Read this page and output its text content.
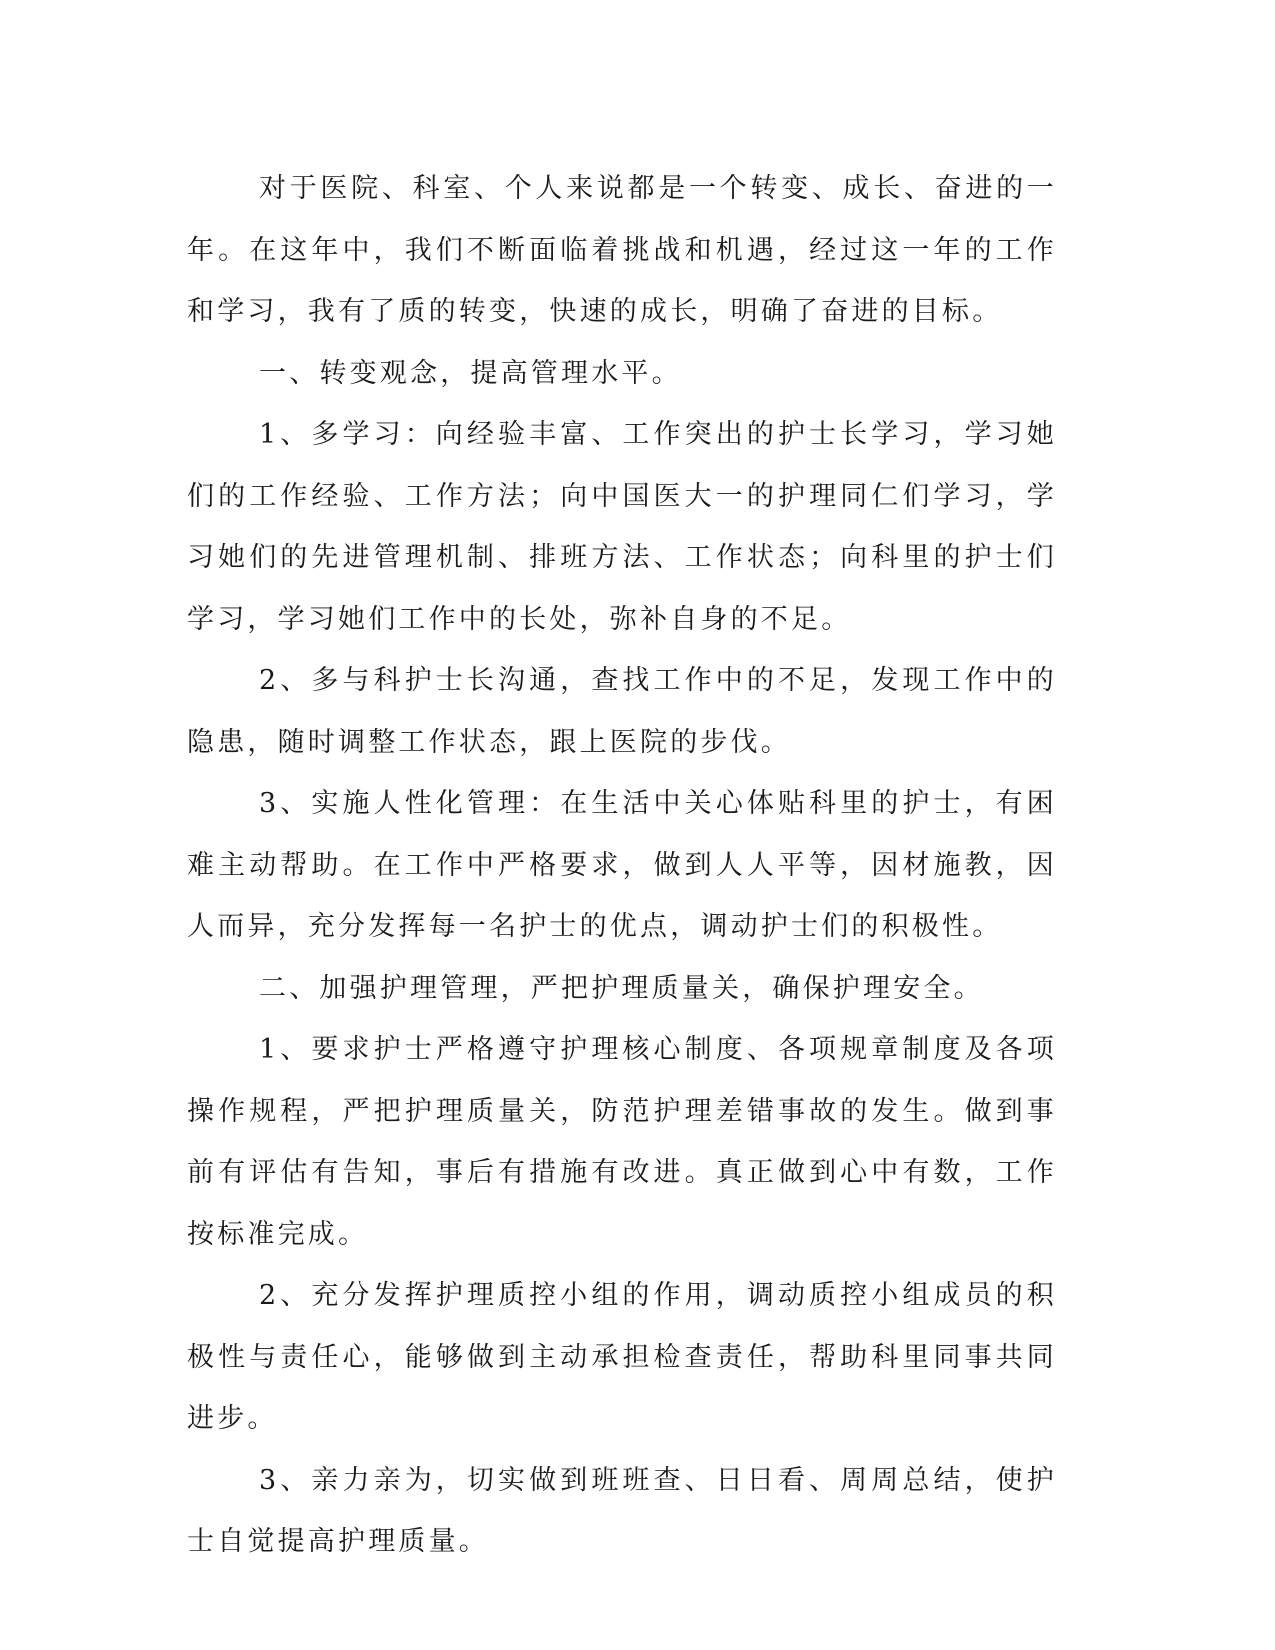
对于医院、科室、个人来说都是一个转变、成长、奋进的一年。在这年中，我们不断面临着挑战和机遇，经过这一年的工作和学习，我有了质的转变，快速的成长，明确了奋进的目标。

一、转变观念，提高管理水平。

1、多学习：向经验丰富、工作突出的护士长学习，学习她们的工作经验、工作方法；向中国医大一的护理同仁们学习，学习她们的先进管理机制、排班方法、工作状态；向科里的护士们学习，学习她们工作中的长处，弥补自身的不足。

2、多与科护士长沟通，查找工作中的不足，发现工作中的隐患，随时调整工作状态，跟上医院的步伐。

3、实施人性化管理：在生活中关心体贴科里的护士，有困难主动帮助。在工作中严格要求，做到人人平等，因材施教，因人而异，充分发挥每一名护士的优点，调动护士们的积极性。

二、加强护理管理，严把护理质量关，确保护理安全。

1、要求护士严格遵守护理核心制度、各项规章制度及各项操作规程，严把护理质量关，防范护理差错事故的发生。做到事前有评估有告知，事后有措施有改进。真正做到心中有数，工作按标准完成。

2、充分发挥护理质控小组的作用，调动质控小组成员的积极性与责任心，能够做到主动承担检查责任，帮助科里同事共同进步。

3、亲力亲为，切实做到班班查、日日看、周周总结，使护士自觉提高护理质量。
